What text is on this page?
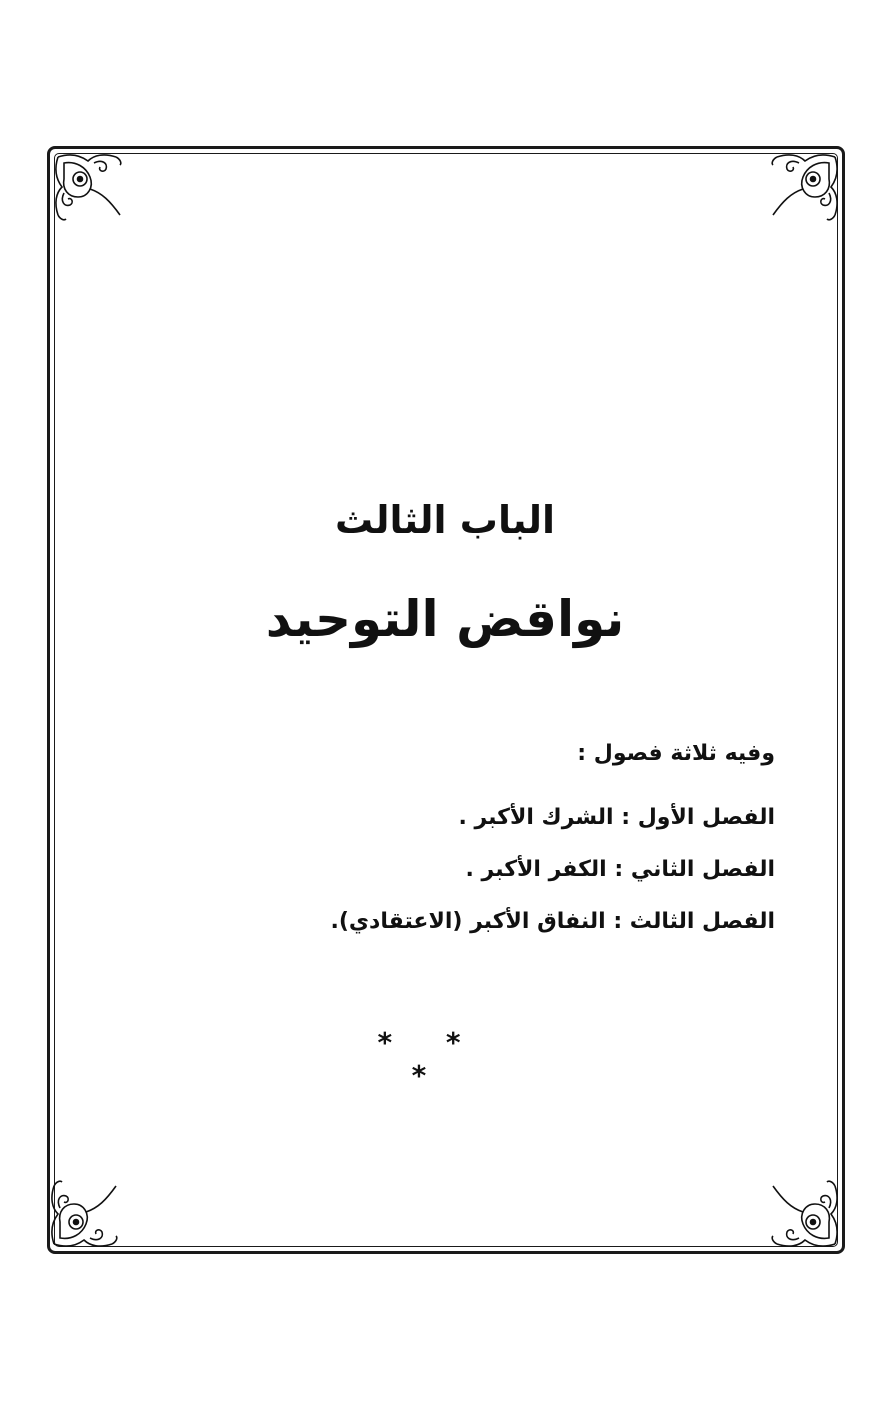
الباب الثالث
نواقض التوحيد

وفيه ثلاثة فصول :

الفصل الأول : الشرك الأكبر .

الفصل الثاني : الكفر الأكبر .

الفصل الثالث : النفاق الأكبر (الاعتقادي).

* * *
